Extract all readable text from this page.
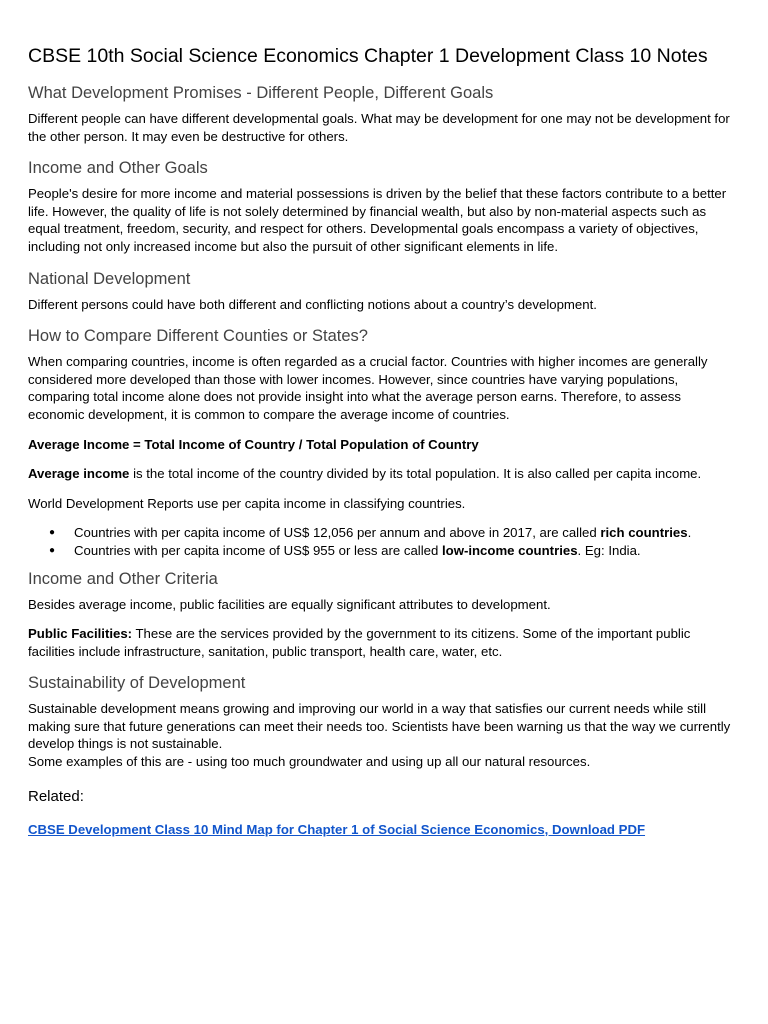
CBSE 10th Social Science Economics Chapter 1 Development Class 10 Notes
What Development Promises - Different People, Different Goals

Different people can have different developmental goals. What may be development for one may not be development for the other person. It may even be destructive for others.

Income and Other Goals

People's desire for more income and material possessions is driven by the belief that these factors contribute to a better life. However, the quality of life is not solely determined by financial wealth, but also by non-material aspects such as equal treatment, freedom, security, and respect for others. Developmental goals encompass a variety of objectives, including not only increased income but also the pursuit of other significant elements in life.

National Development

Different persons could have both different and conflicting notions about a country’s development.

How to Compare Different Counties or States?

When comparing countries, income is often regarded as a crucial factor. Countries with higher incomes are generally considered more developed than those with lower incomes. However, since countries have varying populations, comparing total income alone does not provide insight into what the average person earns. Therefore, to assess economic development, it is common to compare the average income of countries.

Average Income = Total Income of Country / Total Population of Country

Average income is the total income of the country divided by its total population. It is also called per capita income.

World Development Reports use per capita income in classifying countries.

● Countries with per capita income of US$ 12,056 per annum and above in 2017, are called rich countries.
● Countries with per capita income of US$ 955 or less are called low-income countries. Eg: India.
Income and Other Criteria

Besides average income, public facilities are equally significant attributes to development.

Public Facilities: These are the services provided by the government to its citizens. Some of the important public facilities include infrastructure, sanitation, public transport, health care, water, etc.

Sustainability of Development

Sustainable development means growing and improving our world in a way that satisfies our current needs while still making sure that future generations can meet their needs too. Scientists have been warning us that the way we currently develop things is not sustainable.

Some examples of this are - using too much groundwater and using up all our natural resources.

Related:
CBSE Development Class 10 Mind Map for Chapter 1 of Social Science Economics, Download PDF
